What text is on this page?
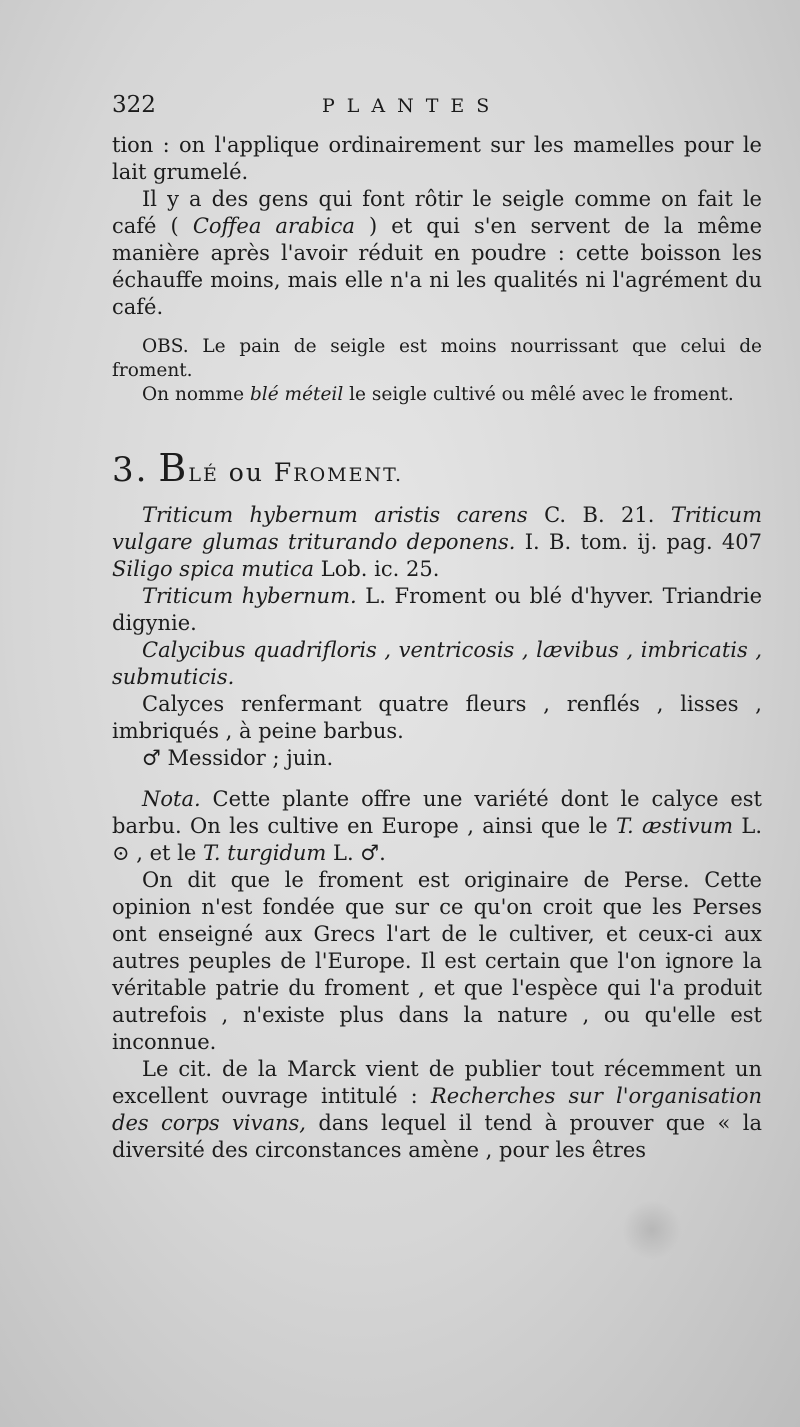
322	PLANTES

tion : on l'applique ordinairement sur les mamelles pour le lait grumelé.

Il y a des gens qui font rôtir le seigle comme on fait le café ( Coffea arabica ) et qui s'en servent de la même manière après l'avoir réduit en poudre : cette boisson les échauffe moins, mais elle n'a ni les qualités ni l'agrément du café.

OBS. Le pain de seigle est moins nourrissant que celui de froment.

On nomme blé méteil le seigle cultivé ou mêlé avec le froment.

3. BLÉ ou FROMENT.

Triticum hybernum aristis carens C. B. 21. Triticum vulgare glumas triturando deponens. I. B. tom. ij. pag. 407 Siligo spica mutica Lob. ic. 25.

Triticum hybernum. L. Froment ou blé d'hyver. Triandrie digynie.

Calycibus quadrifloris , ventricosis , lævibus , imbricatis , submuticis.

Calyces renfermant quatre fleurs , renflés , lisses , imbriqués , à peine barbus.

♂ Messidor ; juin.

Nota. Cette plante offre une variété dont le calyce est barbu. On les cultive en Europe , ainsi que le T. æstivum L. ⊙ , et le T. turgidum L. ♂.

On dit que le froment est originaire de Perse. Cette opinion n'est fondée que sur ce qu'on croit que les Perses ont enseigné aux Grecs l'art de le cultiver, et ceux-ci aux autres peuples de l'Europe. Il est certain que l'on ignore la véritable patrie du froment , et que l'espèce qui l'a produit autrefois , n'existe plus dans la nature , ou qu'elle est inconnue.

Le cit. de la Marck vient de publier tout récemment un excellent ouvrage intitulé : Recherches sur l'organisation des corps vivans, dans lequel il tend à prouver que « la diversité des circonstances amène , pour les êtres
